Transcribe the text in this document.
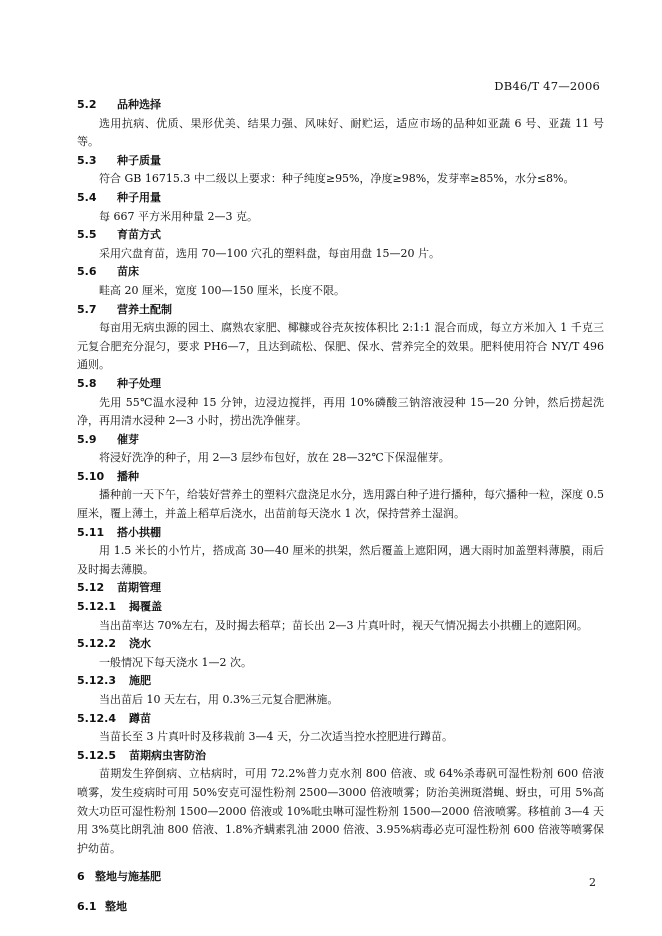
DB46/T 47—2006
5.2 品种选择

选用抗病、优质、果形优美、结果力强、风味好、耐贮运，适应市场的品种如亚蔬 6 号、亚蔬 11 号等。

5.3 种子质量

符合 GB 16715.3 中二级以上要求：种子纯度≥95%，净度≥98%，发芽率≥85%，水分≤8%。

5.4 种子用量

每 667 平方米用种量 2—3 克。

5.5 育苗方式

采用穴盘育苗，选用 70—100 穴孔的塑料盘，每亩用盘 15—20 片。

5.6 苗床

畦高 20 厘米，宽度 100—150 厘米，长度不限。

5.7 营养土配制

每亩用无病虫源的园土、腐熟农家肥、椰糠或谷壳灰按体积比 2:1:1 混合而成，每立方米加入 1 千克三元复合肥充分混匀，要求 PH6—7，且达到疏松、保肥、保水、营养完全的效果。肥料使用符合 NY/T 496 通则。

5.8 种子处理

先用 55℃温水浸种 15 分钟，边浸边搅拌，再用 10%磷酸三钠溶液浸种 15—20 分钟，然后捞起洗净，再用清水浸种 2—3 小时，捞出洗净催芽。

5.9 催芽

将浸好洗净的种子，用 2—3 层纱布包好，放在 28—32℃下保湿催芽。

5.10 播种

播种前一天下午，给装好营养土的塑料穴盘浇足水分，选用露白种子进行播种，每穴播种一粒，深度 0.5 厘米，覆上薄土，并盖上稻草后浇水，出苗前每天浇水 1 次，保持营养土湿润。

5.11 搭小拱棚

用 1.5 米长的小竹片，搭成高 30—40 厘米的拱架，然后覆盖上遮阳网，遇大雨时加盖塑料薄膜，雨后及时揭去薄膜。

5.12 苗期管理
5.12.1 揭覆盖

当出苗率达 70%左右，及时揭去稻草；苗长出 2—3 片真叶时，视天气情况揭去小拱棚上的遮阳网。

5.12.2 浇水

一般情况下每天浇水 1—2 次。

5.12.3 施肥

当出苗后 10 天左右，用 0.3%三元复合肥淋施。

5.12.4 蹲苗

当苗长至 3 片真叶时及移栽前 3—4 天，分二次适当控水控肥进行蹲苗。

5.12.5 苗期病虫害防治

苗期发生猝倒病、立枯病时，可用 72.2%普力克水剂 800 倍液、或 64%杀毒矾可湿性粉剂 600 倍液喷雾，发生疫病时可用 50%安克可湿性粉剂 2500—3000 倍液喷雾；防治美洲斑潜蝇、蚜虫，可用 5%高效大功臣可湿性粉剂 1500—2000 倍液或 10%吡虫啉可湿性粉剂 1500—2000 倍液喷雾。移植前 3—4 天用 3%莫比朗乳油 800 倍液、1.8%齐螨素乳油 2000 倍液、3.95%病毒必克可湿性粉剂 600 倍液等喷雾保护幼苗。

6 整地与施基肥
6.1 整地
2
